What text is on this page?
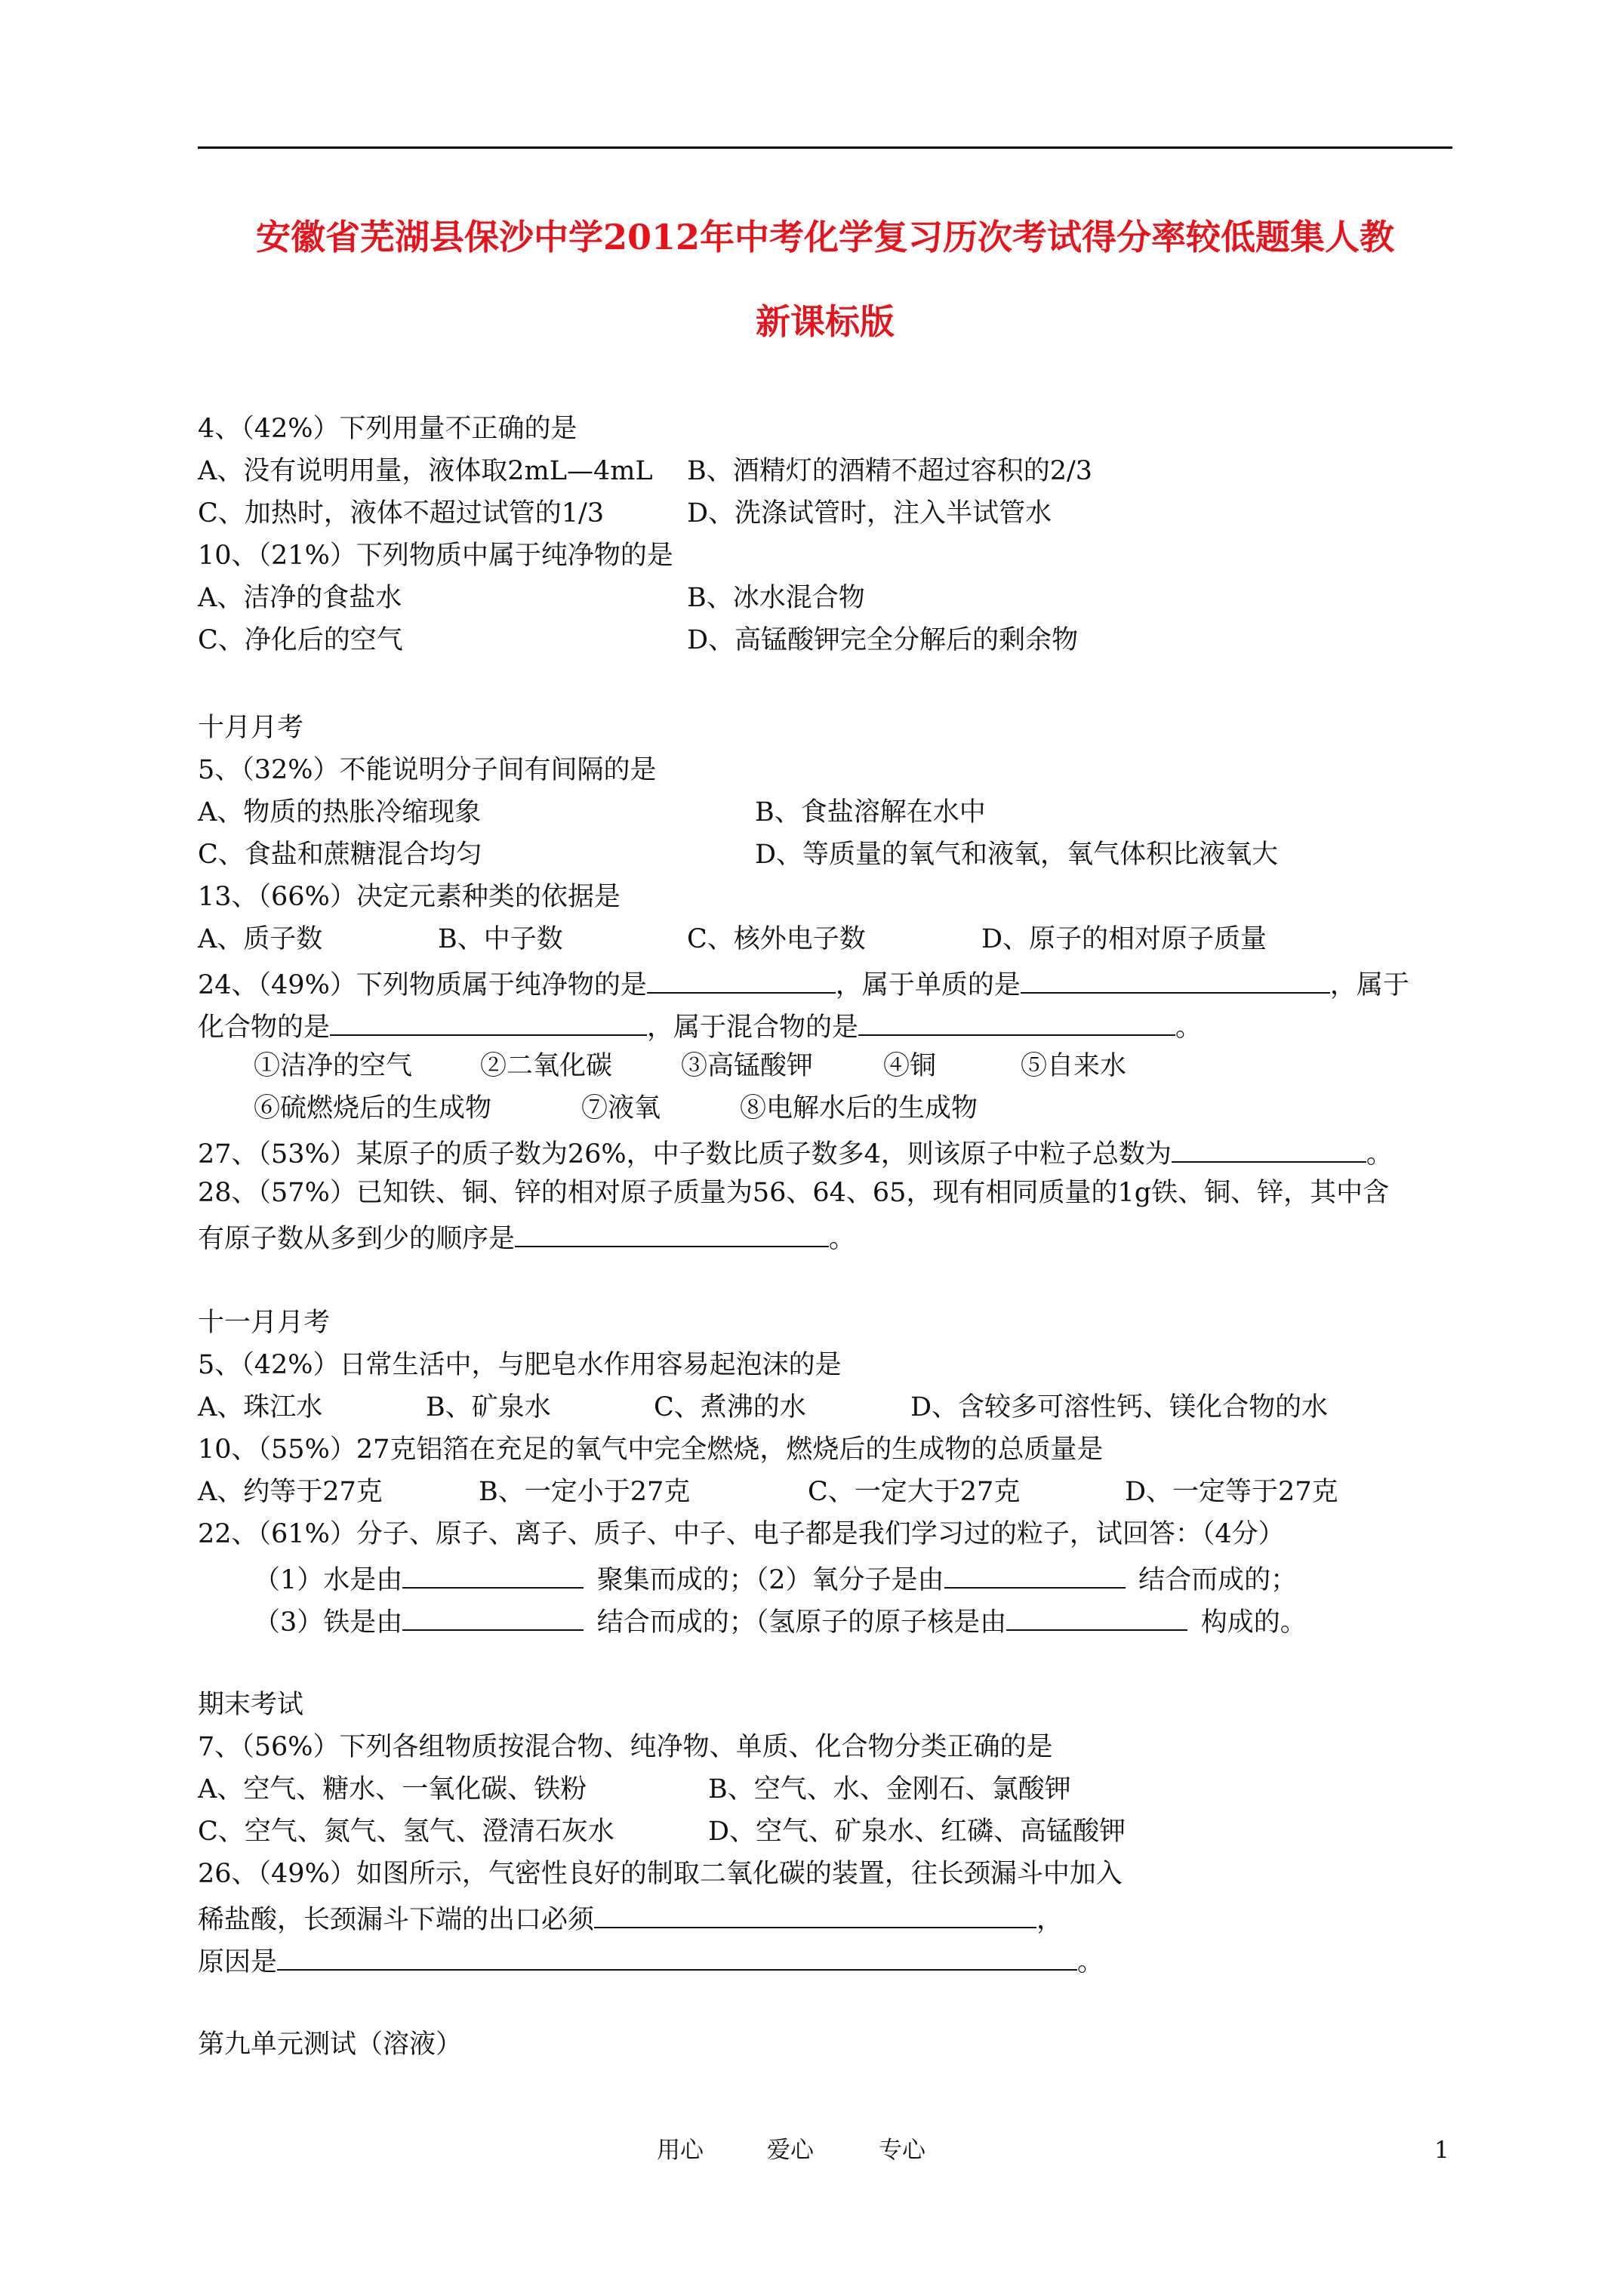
安徽省芜湖县保沙中学2012年中考化学复习历次考试得分率较低题集人教
新课标版
4、（42%）下列用量不正确的是
A、没有说明用量，液体取2mL—4mL B、酒精灯的酒精不超过容积的2/3
C、加热时，液体不超过试管的1/3	D、洗涤试管时，注入半试管水
10、（21%）下列物质中属于纯净物的是
A、洁净的食盐水	B、冰水混合物
C、净化后的空气	D、高锰酸钾完全分解后的剩余物
十月月考
5、（32%）不能说明分子间有间隔的是
A、物质的热胀冷缩现象	B、食盐溶解在水中
C、食盐和蔗糖混合均匀	D、等质量的氧气和液氧，氧气体积比液氧大
13、（66%）决定元素种类的依据是
A、质子数	B、中子数	C、核外电子数	D、原子的相对原子质量
24、（49%）下列物质属于纯净物的是	，属于单质的是	，属于
化合物的是	，属于混合物的是	。
①洁净的空气	②二氧化碳	③高锰酸钾	④铜	⑤自来水
⑥硫燃烧后的生成物	⑦液氧	⑧电解水后的生成物
27、（53%）某原子的质子数为26%，中子数比质子数多4，则该原子中粒子总数为	。
28、（57%）已知铁、铜、锌的相对原子质量为56、64、65，现有相同质量的1g铁、铜、锌，其中含
有原子数从多到少的顺序是	。
十一月月考
5、（42%）日常生活中，与肥皂水作用容易起泡沫的是
A、珠江水	B、矿泉水	C、煮沸的水	D、含较多可溶性钙、镁化合物的水
10、（55%）27克铝箔在充足的氧气中完全燃烧，燃烧后的生成物的总质量是
A、约等于27克	B、一定小于27克	C、一定大于27克	D、一定等于27克
22、（61%）分子、原子、离子、质子、中子、电子都是我们学习过的粒子，试回答：（4分）
（1）水是由 	聚集而成的；（2）氧分子是由 	结合而成的；
（3）铁是由 	结合而成的；（氢原子的原子核是由 	构成的。
期末考试
7、（56%）下列各组物质按混合物、纯净物、单质、化合物分类正确的是
A、空气、糖水、一氧化碳、铁粉	B、空气、水、金刚石、氯酸钾
C、空气、氮气、氢气、澄清石灰水	D、空气、矿泉水、红磷、高锰酸钾
26、（49%）如图所示，气密性良好的制取二氧化碳的装置，往长颈漏斗中加入
稀盐酸，长颈漏斗下端的出口必须	，
原因是	。
第九单元测试（溶液）
用心	爱心	专心	1
